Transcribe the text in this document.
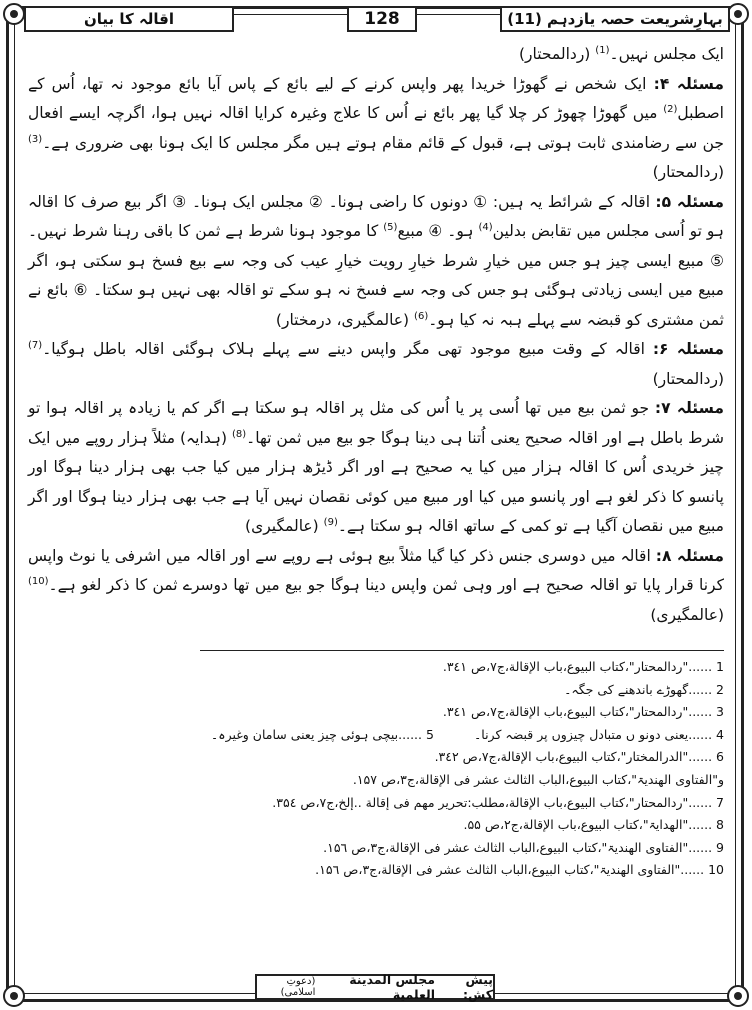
بہارِشریعت حصہ یازدہم (11)
128
اقالہ کا بیان

ایک مجلس نہیں۔$^{(1)}$ (ردالمحتار)

مسئلہ ۴: ایک شخص نے گھوڑا خریدا پھر واپس کرنے کے لیے بائع کے پاس آیا بائع موجود نہ تھا، اُس کے اصطبل$^{(2)}$ میں گھوڑا چھوڑ کر چلا گیا پھر بائع نے اُس کا علاج وغیرہ کرایا اقالہ نہیں ہوا، اگرچہ ایسے افعال جن سے رضامندی ثابت ہوتی ہے، قبول کے قائم مقام ہوتے ہیں مگر مجلس کا ایک ہونا بھی ضروری ہے۔$^{(3)}$ (ردالمحتار)

مسئلہ ۵: اقالہ کے شرائط یہ ہیں: ① دونوں کا راضی ہونا۔ ② مجلس ایک ہونا۔ ③ اگر بیع صرف کا اقالہ ہو تو اُسی مجلس میں تقابض بدلین$^{(4)}$ ہو۔ ④ مبیع$^{(5)}$ کا موجود ہونا شرط ہے ثمن کا باقی رہنا شرط نہیں۔ ⑤ مبیع ایسی چیز ہو جس میں خیارِ شرط خیارِ رویت خیارِ عیب کی وجہ سے بیع فسخ ہو سکتی ہو، اگر مبیع میں ایسی زیادتی ہوگئی ہو جس کی وجہ سے فسخ نہ ہو سکے تو اقالہ بھی نہیں ہو سکتا۔ ⑥ بائع نے ثمن مشتری کو قبضہ سے پہلے ہبہ نہ کیا ہو۔$^{(6)}$ (عالمگیری، درمختار)

مسئلہ ۶: اقالہ کے وقت مبیع موجود تھی مگر واپس دینے سے پہلے ہلاک ہوگئی اقالہ باطل ہوگیا۔$^{(7)}$ (ردالمحتار)

مسئلہ ۷: جو ثمن بیع میں تھا اُسی پر یا اُس کی مثل پر اقالہ ہو سکتا ہے اگر کم یا زیادہ پر اقالہ ہوا تو شرط باطل ہے اور اقالہ صحیح یعنی اُتنا ہی دینا ہوگا جو بیع میں ثمن تھا۔$^{(8)}$ (ہدایہ) مثلاً ہزار روپے میں ایک چیز خریدی اُس کا اقالہ ہزار میں کیا یہ صحیح ہے اور اگر ڈیڑھ ہزار میں کیا جب بھی ہزار دینا ہوگا اور پانسو کا ذکر لغو ہے اور پانسو میں کیا اور مبیع میں کوئی نقصان نہیں آیا ہے جب بھی ہزار دینا ہوگا اور اگر مبیع میں نقصان آگیا ہے تو کمی کے ساتھ اقالہ ہو سکتا ہے۔$^{(9)}$ (عالمگیری)

مسئلہ ۸: اقالہ میں دوسری جنس ذکر کیا گیا مثلاً بیع ہوئی ہے روپے سے اور اقالہ میں اشرفی یا نوٹ واپس کرنا قرار پایا تو اقالہ صحیح ہے اور وہی ثمن واپس دینا ہوگا جو بیع میں تھا دوسرے ثمن کا ذکر لغو ہے۔$^{(10)}$ (عالمگیری)

1 ......"ردالمحتار"،کتاب البیوع،باب الإقالة،ج۷،ص ۳٤۱.

2 ......گھوڑے باندھنے کی جگہ۔

3 ......"ردالمحتار"،کتاب البیوع،باب الإقالة،ج۷،ص ۳٤۱.

4 ......یعنی دونو ں متبادل چیزوں پر قبضہ کرنا۔
5 ......بیچی ہوئی چیز یعنی سامان وغیرہ۔

6 ......"الدرالمختار"،کتاب البیوع،باب الإقالة،ج۷،ص ۳٤۲.

و"الفتاوی الھندیۃ"،کتاب البیوع،الباب الثالث عشر فی الإقالة،ج۳،ص ۱۵۷.

7 ......"ردالمحتار"،کتاب البیوع،باب الإقالة،مطلب:تحریر مھم فی إقالة ..إلخ،ج۷،ص ۳۵٤.

8 ......"الھدایۃ"،کتاب البیوع،باب الإقالة،ج۲،ص ۵۵.

9 ......"الفتاوی الھندیۃ"،کتاب البیوع،الباب الثالث عشر فی الإقالة،ج۳،ص ۱۵٦.

10 ......"الفتاوی الھندیۃ"،کتاب البیوع،الباب الثالث عشر فی الإقالة،ج۳،ص ۱۵٦.

پیش کش:
مجلس المدينة العلمية
(دعوتِ اسلامی)
